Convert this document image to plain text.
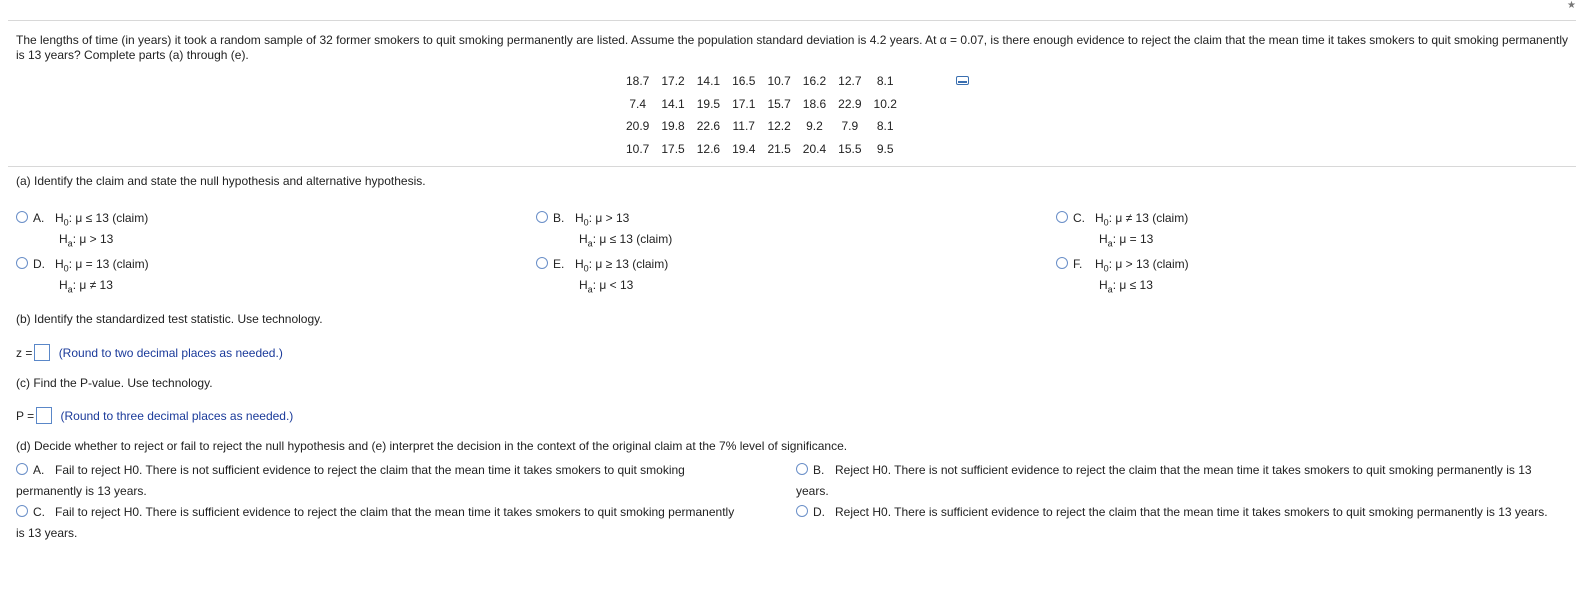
★
The lengths of time (in years) it took a random sample of 32 former smokers to quit smoking permanently are listed. Assume the population standard deviation is 4.2 years. At α = 0.07, is there enough evidence to reject the claim that the mean time it takes smokers to quit smoking permanently is 13 years? Complete parts (a) through (e).
18.7	17.2	14.1	16.5	10.7	16.2	12.7	8.1
7.4	14.1	19.5	17.1	15.7	18.6	22.9	10.2
20.9	19.8	22.6	11.7	12.2	9.2	7.9	8.1
10.7	17.5	12.6	19.4	21.5	20.4	15.5	9.5
(a) Identify the claim and state the null hypothesis and alternative hypothesis.
A. $H_0$: μ ≤ 13 (claim)
$H_a$: μ > 13
B. $H_0$: μ > 13
$H_a$: μ ≤ 13 (claim)
C. $H_0$: μ ≠ 13 (claim)
$H_a$: μ = 13
D. $H_0$: μ = 13 (claim)
$H_a$: μ ≠ 13
E. $H_0$: μ ≥ 13 (claim)
$H_a$: μ < 13
F. $H_0$: μ > 13 (claim)
$H_a$: μ ≤ 13
(b) Identify the standardized test statistic. Use technology.
z = (Round to two decimal places as needed.)
(c) Find the P-value. Use technology.
P = (Round to three decimal places as needed.)
(d) Decide whether to reject or fail to reject the null hypothesis and (e) interpret the decision in the context of the original claim at the 7% level of significance.
A. Fail to reject H0. There is not sufficient evidence to reject the claim that the mean time it takes smokers to quit smoking permanently is 13 years.
B. Reject H0. There is not sufficient evidence to reject the claim that the mean time it takes smokers to quit smoking permanently is 13 years.
C. Fail to reject H0. There is sufficient evidence to reject the claim that the mean time it takes smokers to quit smoking permanently is 13 years.
D. Reject H0. There is sufficient evidence to reject the claim that the mean time it takes smokers to quit smoking permanently is 13 years.
